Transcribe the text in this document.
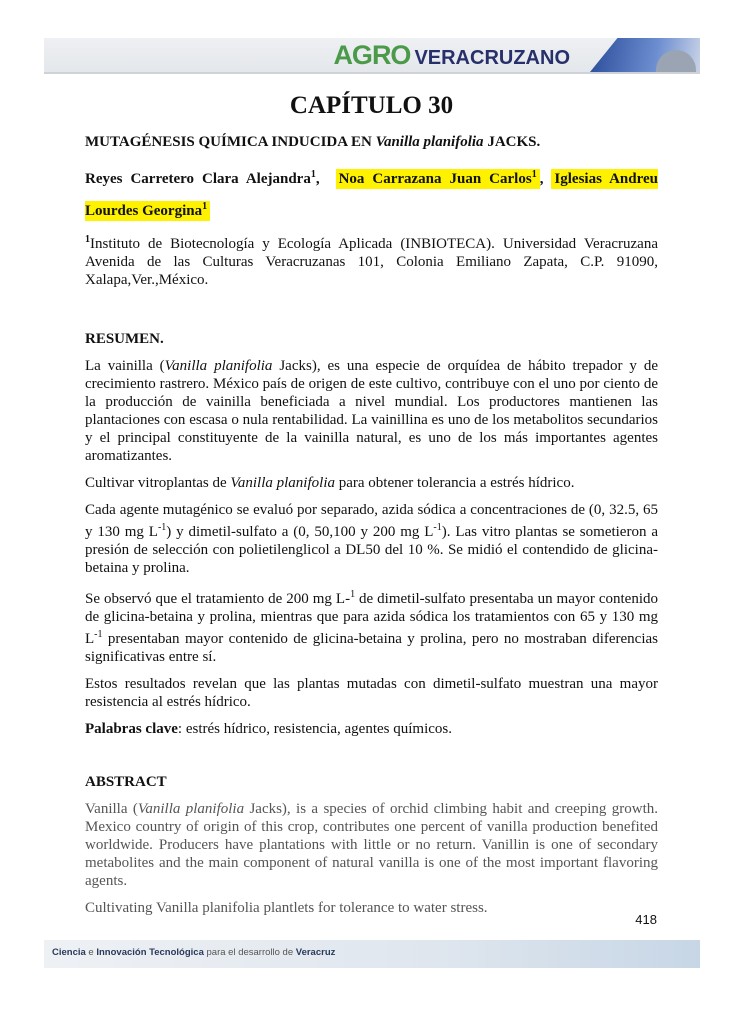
AGRO VERACRUZANO
CAPÍTULO 30
MUTAGÉNESIS QUÍMICA INDUCIDA EN Vanilla planifolia JACKS.
Reyes Carretero Clara Alejandra$^1$,  Noa Carrazana Juan Carlos$^1$ , Iglesias Andreu Lourdes Georgina$^1$

$^1$Instituto de Biotecnología y Ecología Aplicada (INBIOTECA). Universidad Veracruzana Avenida de las Culturas Veracruzanas 101, Colonia Emiliano Zapata, C.P. 91090, Xalapa,Ver.,México.

RESUMEN.

La vainilla (Vanilla planifolia Jacks), es una especie de orquídea de hábito trepador y de crecimiento rastrero. México país de origen de este cultivo, contribuye con el uno por ciento de la producción de vainilla beneficiada a nivel mundial. Los productores mantienen las plantaciones con escasa o nula rentabilidad. La vainillina es uno de los metabolitos secundarios y el principal constituyente de la vainilla natural, es uno de los más importantes agentes aromatizantes.

Cultivar vitroplantas de Vanilla planifolia para obtener tolerancia a estrés hídrico.

Cada agente mutagénico se evaluó por separado, azida sódica a concentraciones de (0, 32.5, 65 y 130 mg $L^{-1}$) y dimetil-sulfato a (0, 50,100 y 200 mg $L^{-1}$). Las vitro plantas se sometieron a presión de selección con polietilenglicol a DL50 del 10 %. Se midió el contendido de glicina-betaina y prolina.

Se observó que el tratamiento de 200 mg L-$^1$ de dimetil-sulfato presentaba un mayor contenido de glicina-betaina y prolina, mientras que para azida sódica los tratamientos con 65 y 130 mg $L^{-1}$ presentaban mayor contenido de glicina-betaina y prolina, pero no mostraban diferencias significativas entre sí.

Estos resultados revelan que las plantas mutadas con dimetil-sulfato muestran una mayor resistencia al estrés hídrico.

Palabras clave: estrés hídrico, resistencia, agentes químicos.

ABSTRACT

Vanilla (Vanilla planifolia Jacks), is a species of orchid climbing habit and creeping growth. Mexico country of origin of this crop, contributes one percent of vanilla production benefited worldwide. Producers have plantations with little or no return. Vanillin is one of secondary metabolites and the main component of natural vanilla is one of the most important flavoring agents.

Cultivating Vanilla planifolia plantlets for tolerance to water stress.

418
Ciencia e Innovación Tecnológica para el desarrollo de Veracruz
